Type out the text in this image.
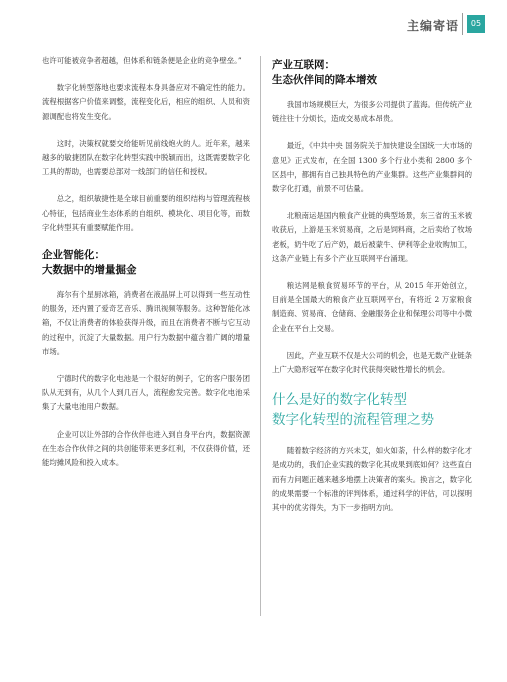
主编寄语	05

也许可能被竞争者超越，但体系和链条便是企业的竞争壁垒。”

数字化转型落地也要求流程本身具备应对不确定性的能力。流程根据客户价值来调整，流程变化后，相应的组织、人员和资源调配也将发生变化。

这时，决策权就要交给能听见前线炮火的人。近年来，越来越多的敏捷团队在数字化转型实践中脱颖而出，这既需要数字化工具的帮助，也需要总部对一线部门的信任和授权。

总之，组织敏捷性是全球目前重要的组织结构与管理流程核心特征，包括商业生态体系的自组织、模块化、项目化等，而数字化转型其有重要赋能作用。

企业智能化：
大数据中的增量掘金

海尔有个星厨冰箱，消费者在液晶屏上可以得到一些互动性的服务，还内置了爱奇艺音乐、腾讯视频等服务。这种智能化冰箱，不仅让消费者的体验获得升级，而且在消费者不断与它互动的过程中，沉淀了大量数据。用户行为数据中蕴含着广阔的增量市场。

宁德时代的数字化电池是一个很好的例子，它的客户服务团队从无到有，从几个人到几百人，流程愈发完善。数字化电池采集了大量电池用户数据。

企业可以让外部的合作伙伴也进入到自身平台内，数据资源在生态合作伙伴之间的共创能带来更多红利，不仅获得价值，还能均摊风险和投入成本。

产业互联网：
生态伙伴间的降本增效

我国市场规模巨大，为很多公司提供了蓝海。但传统产业链往往十分烦长，造成交易成本昂贵。

最近，《中共中央 国务院关于加快建设全国统一大市场的意见》正式发布，在全国 1300 多个行业小类和 2800 多个区县中，都拥有自己独具特色的产业集群。这些产业集群间的数字化打通，前景不可估量。

北粮南运是国内粮食产业链的典型场景，东三省的玉米被收获后，上游是玉米贸易商，之后是饲料商，之后卖给了牧场老板，奶牛吃了后产奶，最后被蒙牛、伊利等企业收购加工，这条产业链上有多个产业互联网平台涌现。

粮达网是粮食贸易环节的平台，从 2015 年开始创立，目前是全国最大的粮食产业互联网平台，有将近 2 万家粮食制造商、贸易商、仓储商、金融服务企业和保理公司等中小微企业在平台上交易。

因此，产业互联不仅是大公司的机会，也是无数产业链条上广大隐形冠军在数字化时代获得突破性增长的机会。

什么是好的数字化转型
数字化转型的流程管理之势

随着数字经济的方兴未艾，如火如荼，什么样的数字化才是成功的，我们企业实践的数字化其成果到底如何？这些直白而有力问题正越来越多地摆上决策者的案头。换言之，数字化的成果需要一个标准的评判体系，通过科学的评估，可以探明其中的优劣得失，为下一步指明方向。
